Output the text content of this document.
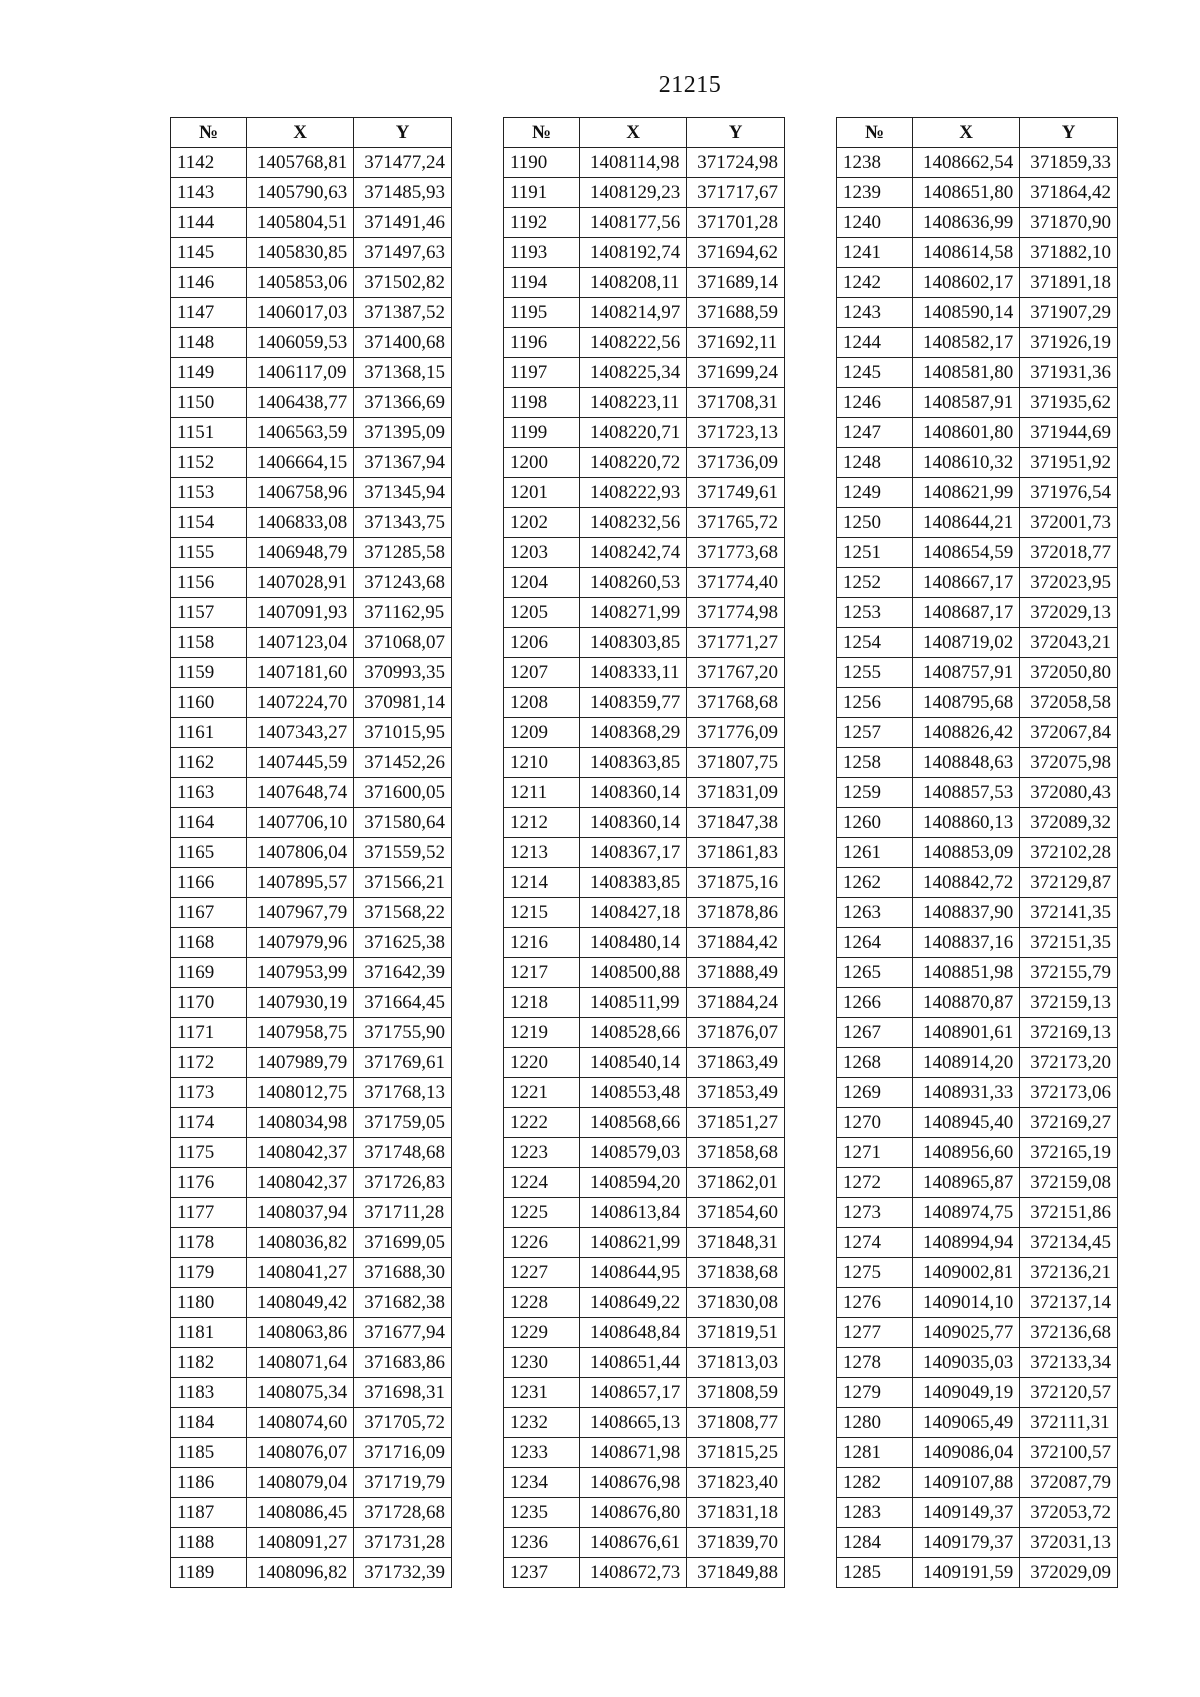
21215
№	X	Y
1142	1405768,81	371477,24
1143	1405790,63	371485,93
1144	1405804,51	371491,46
1145	1405830,85	371497,63
1146	1405853,06	371502,82
1147	1406017,03	371387,52
1148	1406059,53	371400,68
1149	1406117,09	371368,15
1150	1406438,77	371366,69
1151	1406563,59	371395,09
1152	1406664,15	371367,94
1153	1406758,96	371345,94
1154	1406833,08	371343,75
1155	1406948,79	371285,58
1156	1407028,91	371243,68
1157	1407091,93	371162,95
1158	1407123,04	371068,07
1159	1407181,60	370993,35
1160	1407224,70	370981,14
1161	1407343,27	371015,95
1162	1407445,59	371452,26
1163	1407648,74	371600,05
1164	1407706,10	371580,64
1165	1407806,04	371559,52
1166	1407895,57	371566,21
1167	1407967,79	371568,22
1168	1407979,96	371625,38
1169	1407953,99	371642,39
1170	1407930,19	371664,45
1171	1407958,75	371755,90
1172	1407989,79	371769,61
1173	1408012,75	371768,13
1174	1408034,98	371759,05
1175	1408042,37	371748,68
1176	1408042,37	371726,83
1177	1408037,94	371711,28
1178	1408036,82	371699,05
1179	1408041,27	371688,30
1180	1408049,42	371682,38
1181	1408063,86	371677,94
1182	1408071,64	371683,86
1183	1408075,34	371698,31
1184	1408074,60	371705,72
1185	1408076,07	371716,09
1186	1408079,04	371719,79
1187	1408086,45	371728,68
1188	1408091,27	371731,28
1189	1408096,82	371732,39
№	X	Y
1190	1408114,98	371724,98
1191	1408129,23	371717,67
1192	1408177,56	371701,28
1193	1408192,74	371694,62
1194	1408208,11	371689,14
1195	1408214,97	371688,59
1196	1408222,56	371692,11
1197	1408225,34	371699,24
1198	1408223,11	371708,31
1199	1408220,71	371723,13
1200	1408220,72	371736,09
1201	1408222,93	371749,61
1202	1408232,56	371765,72
1203	1408242,74	371773,68
1204	1408260,53	371774,40
1205	1408271,99	371774,98
1206	1408303,85	371771,27
1207	1408333,11	371767,20
1208	1408359,77	371768,68
1209	1408368,29	371776,09
1210	1408363,85	371807,75
1211	1408360,14	371831,09
1212	1408360,14	371847,38
1213	1408367,17	371861,83
1214	1408383,85	371875,16
1215	1408427,18	371878,86
1216	1408480,14	371884,42
1217	1408500,88	371888,49
1218	1408511,99	371884,24
1219	1408528,66	371876,07
1220	1408540,14	371863,49
1221	1408553,48	371853,49
1222	1408568,66	371851,27
1223	1408579,03	371858,68
1224	1408594,20	371862,01
1225	1408613,84	371854,60
1226	1408621,99	371848,31
1227	1408644,95	371838,68
1228	1408649,22	371830,08
1229	1408648,84	371819,51
1230	1408651,44	371813,03
1231	1408657,17	371808,59
1232	1408665,13	371808,77
1233	1408671,98	371815,25
1234	1408676,98	371823,40
1235	1408676,80	371831,18
1236	1408676,61	371839,70
1237	1408672,73	371849,88
№	X	Y
1238	1408662,54	371859,33
1239	1408651,80	371864,42
1240	1408636,99	371870,90
1241	1408614,58	371882,10
1242	1408602,17	371891,18
1243	1408590,14	371907,29
1244	1408582,17	371926,19
1245	1408581,80	371931,36
1246	1408587,91	371935,62
1247	1408601,80	371944,69
1248	1408610,32	371951,92
1249	1408621,99	371976,54
1250	1408644,21	372001,73
1251	1408654,59	372018,77
1252	1408667,17	372023,95
1253	1408687,17	372029,13
1254	1408719,02	372043,21
1255	1408757,91	372050,80
1256	1408795,68	372058,58
1257	1408826,42	372067,84
1258	1408848,63	372075,98
1259	1408857,53	372080,43
1260	1408860,13	372089,32
1261	1408853,09	372102,28
1262	1408842,72	372129,87
1263	1408837,90	372141,35
1264	1408837,16	372151,35
1265	1408851,98	372155,79
1266	1408870,87	372159,13
1267	1408901,61	372169,13
1268	1408914,20	372173,20
1269	1408931,33	372173,06
1270	1408945,40	372169,27
1271	1408956,60	372165,19
1272	1408965,87	372159,08
1273	1408974,75	372151,86
1274	1408994,94	372134,45
1275	1409002,81	372136,21
1276	1409014,10	372137,14
1277	1409025,77	372136,68
1278	1409035,03	372133,34
1279	1409049,19	372120,57
1280	1409065,49	372111,31
1281	1409086,04	372100,57
1282	1409107,88	372087,79
1283	1409149,37	372053,72
1284	1409179,37	372031,13
1285	1409191,59	372029,09
